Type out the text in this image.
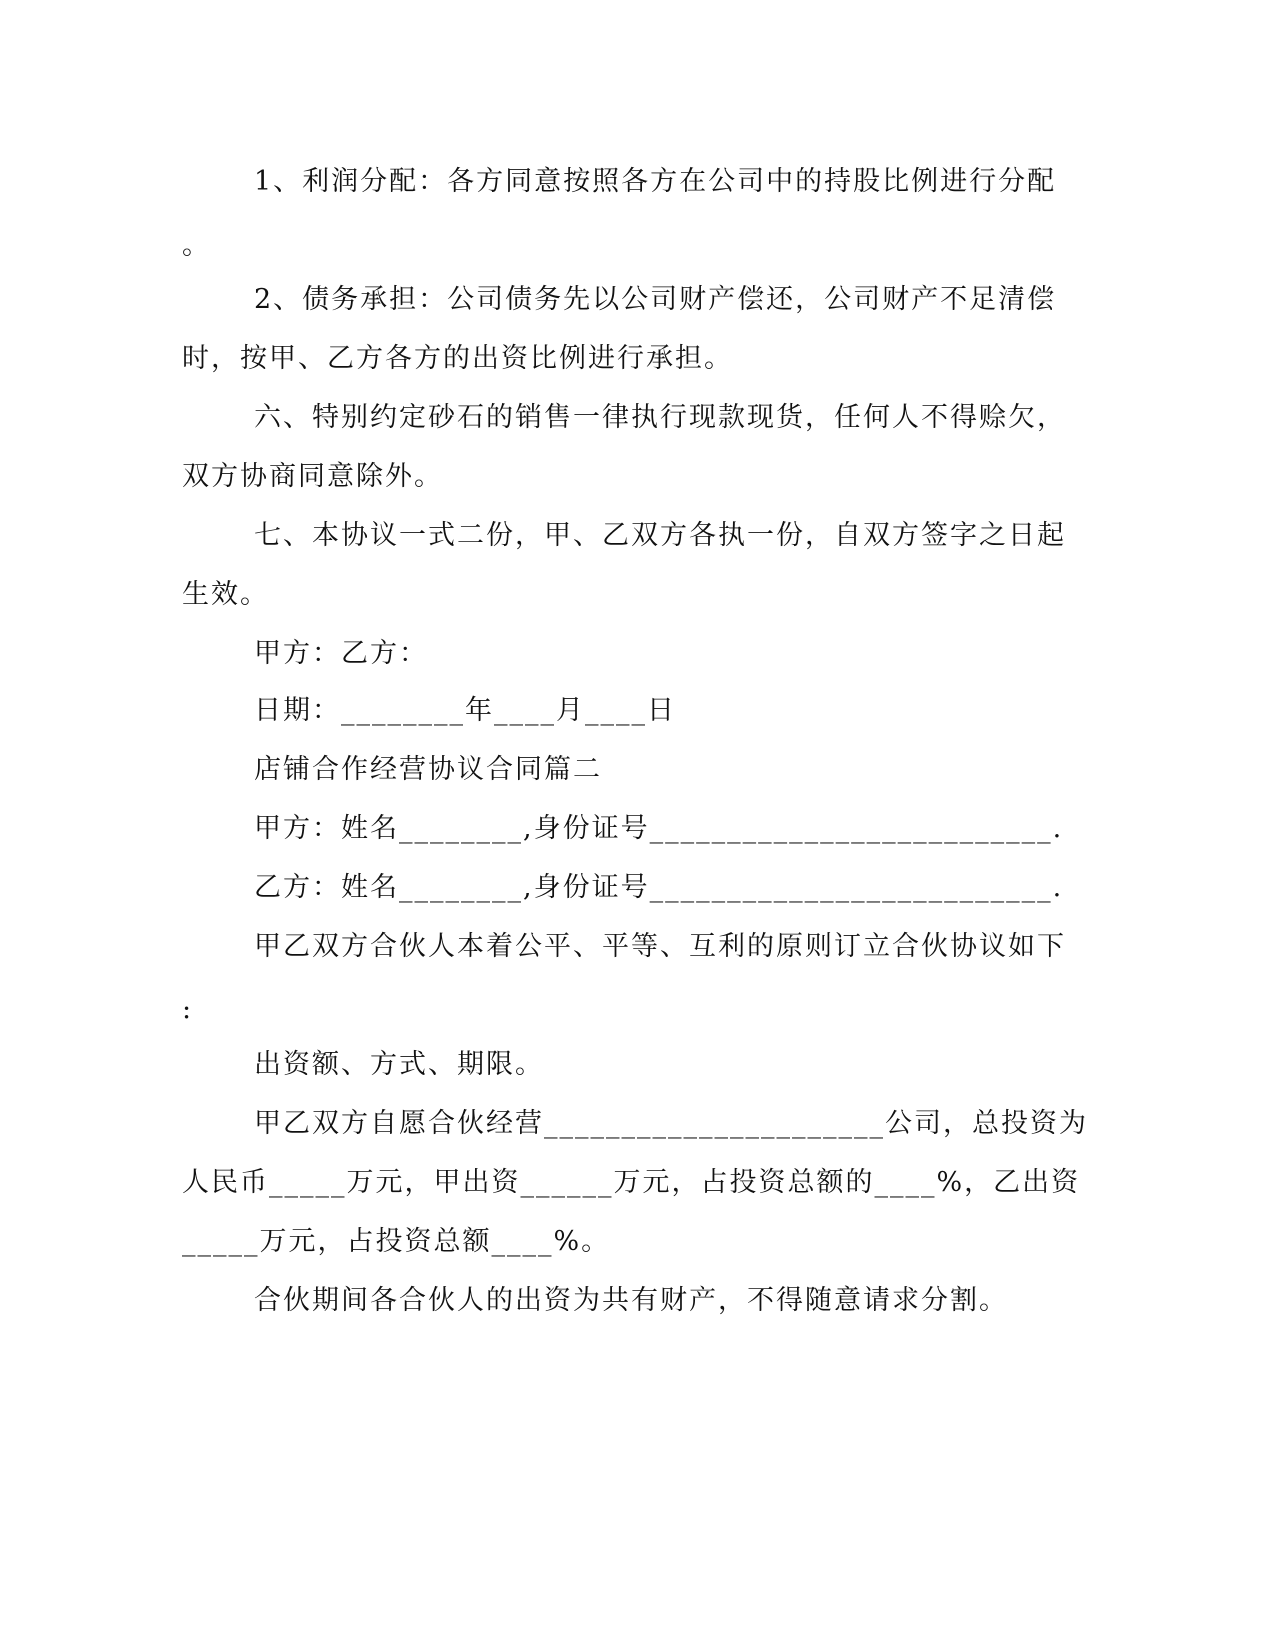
1、利润分配：各方同意按照各方在公司中的持股比例进行分配
。
2、债务承担：公司债务先以公司财产偿还，公司财产不足清偿
时，按甲、乙方各方的出资比例进行承担。
六、特别约定砂石的销售一律执行现款现货，任何人不得赊欠，
双方协商同意除外。
七、本协议一式二份，甲、乙双方各执一份，自双方签字之日起
生效。
甲方：乙方：
日期：________年____月____日
店铺合作经营协议合同篇二
甲方：姓名________,身份证号__________________________.
乙方：姓名________,身份证号__________________________.
甲乙双方合伙人本着公平、平等、互利的原则订立合伙协议如下
:
出资额、方式、期限。
甲乙双方自愿合伙经营______________________公司，总投资为
人民币_____万元，甲出资______万元，占投资总额的____%，乙出资
_____万元，占投资总额____%。
合伙期间各合伙人的出资为共有财产，不得随意请求分割。
